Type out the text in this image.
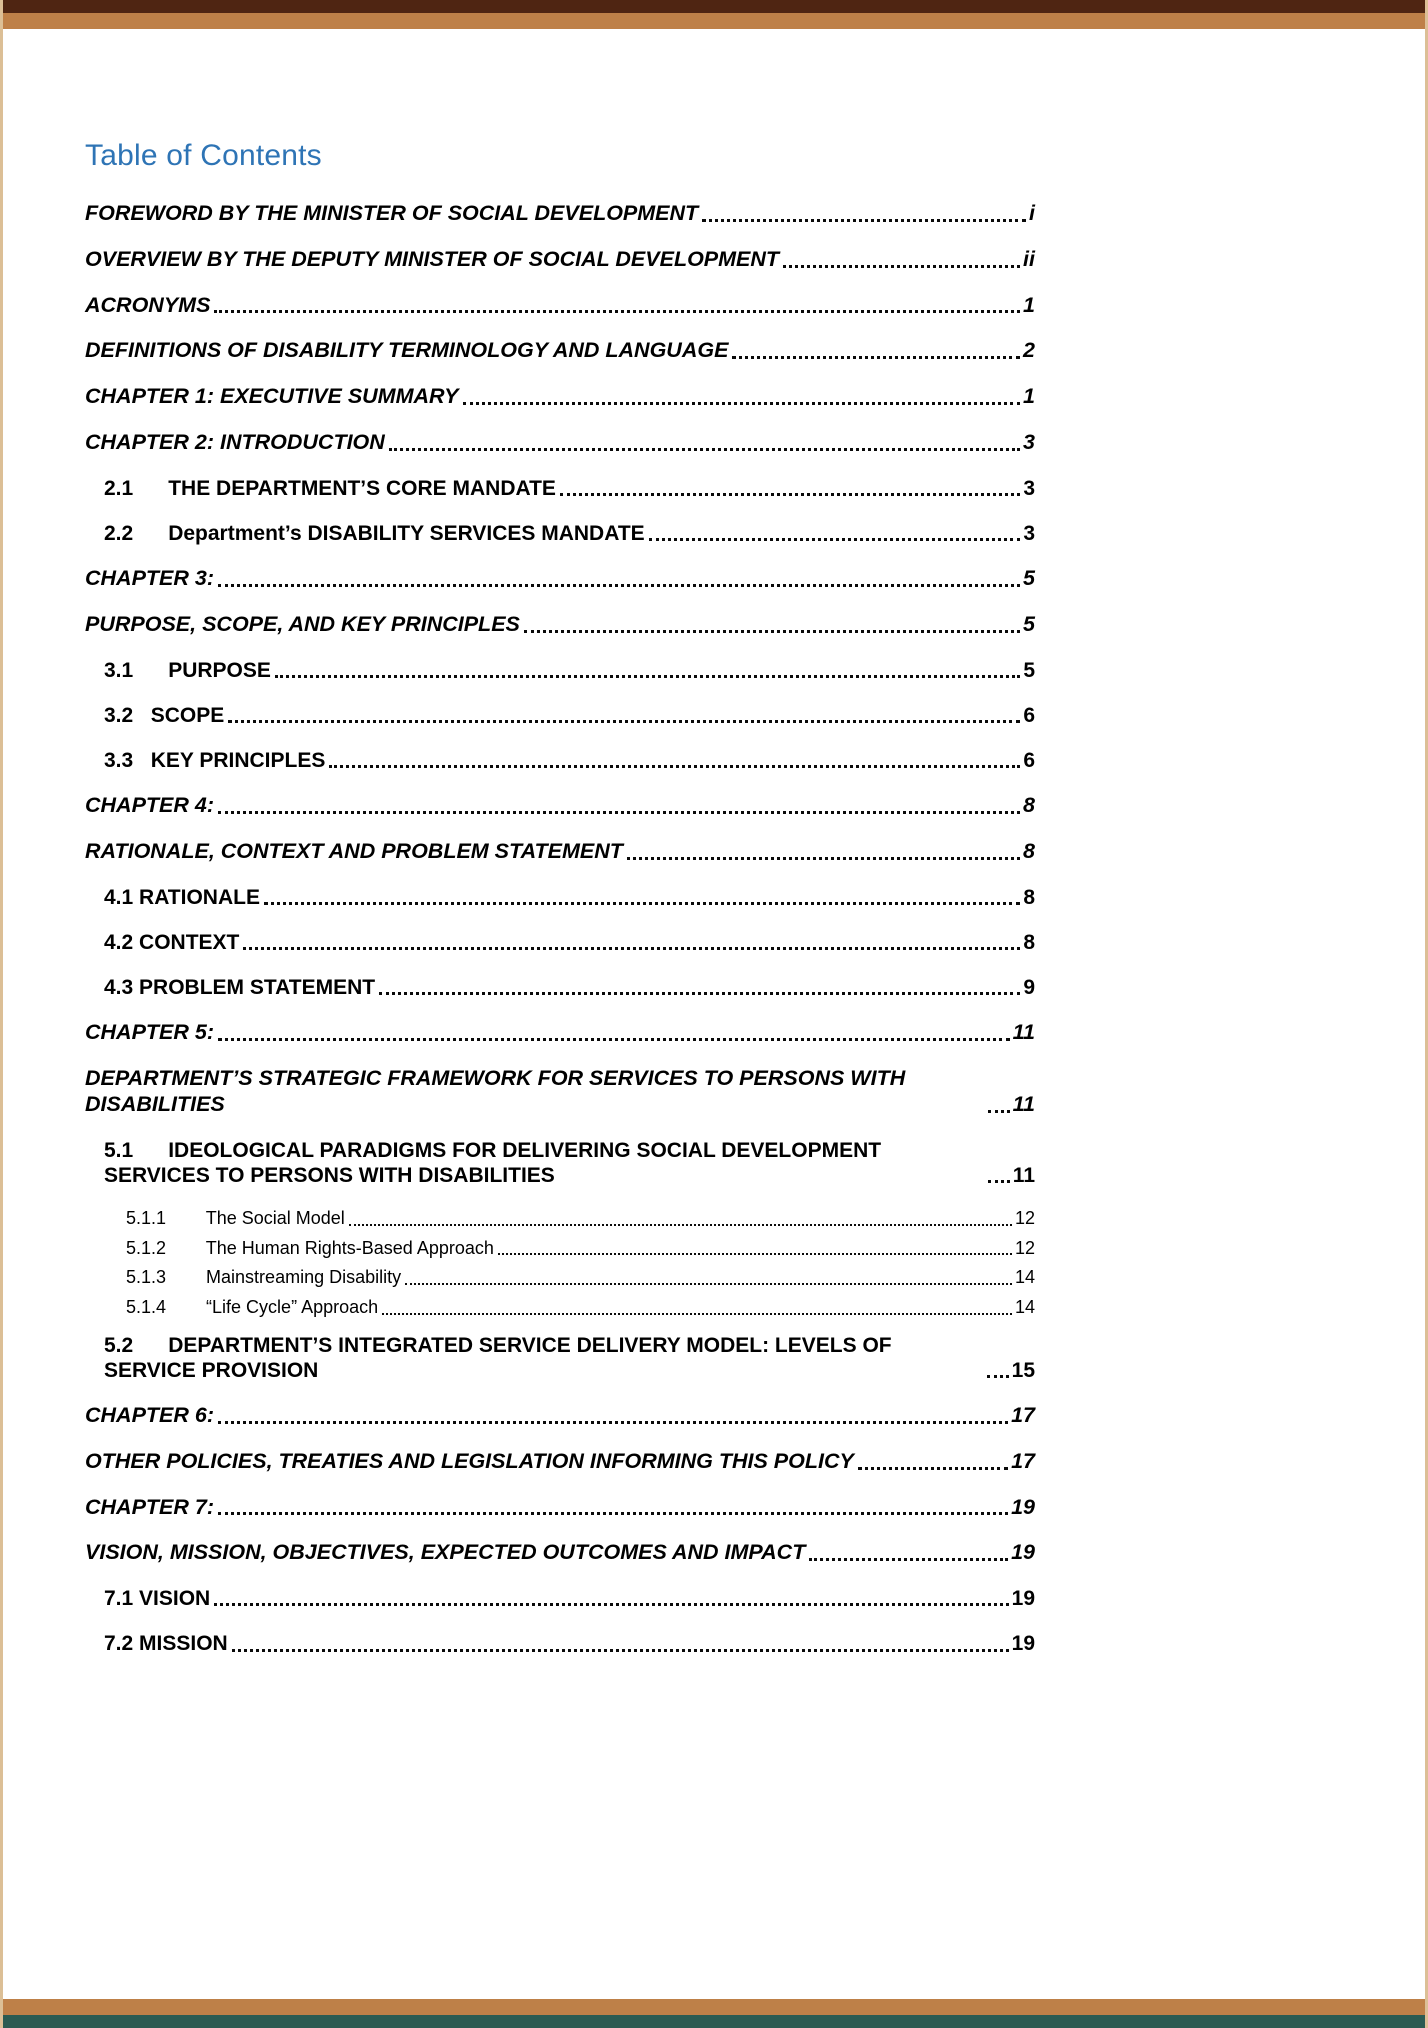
Table of Contents
FOREWORD BY THE MINISTER OF SOCIAL DEVELOPMENT	i
OVERVIEW BY THE DEPUTY MINISTER OF SOCIAL DEVELOPMENT	ii
ACRONYMS	1
DEFINITIONS OF DISABILITY TERMINOLOGY AND LANGUAGE	2
CHAPTER 1: EXECUTIVE SUMMARY	1
CHAPTER 2: INTRODUCTION	3
2.1      THE DEPARTMENT’S CORE MANDATE	3
2.2      Department’s DISABILITY SERVICES MANDATE	3
CHAPTER 3:	5
PURPOSE, SCOPE, AND KEY PRINCIPLES	5
3.1      PURPOSE	5
3.2   SCOPE	6
3.3   KEY PRINCIPLES	6
CHAPTER 4:	8
RATIONALE, CONTEXT AND PROBLEM STATEMENT	8
4.1 RATIONALE	8
4.2 CONTEXT	8
4.3 PROBLEM STATEMENT	9
CHAPTER 5:	11
DEPARTMENT’S STRATEGIC FRAMEWORK FOR SERVICES TO PERSONS WITH DISABILITIES	11
5.1      IDEOLOGICAL PARADIGMS FOR DELIVERING SOCIAL DEVELOPMENT SERVICES TO PERSONS WITH DISABILITIES	11
5.1.1        The Social Model	12
5.1.2        The Human Rights-Based Approach	12
5.1.3        Mainstreaming Disability	14
5.1.4        “Life Cycle” Approach	14
5.2      DEPARTMENT’S INTEGRATED SERVICE DELIVERY MODEL: LEVELS OF SERVICE PROVISION	15
CHAPTER 6:	17
OTHER POLICIES, TREATIES AND LEGISLATION INFORMING THIS POLICY	17
CHAPTER 7:	19
VISION, MISSION, OBJECTIVES, EXPECTED OUTCOMES AND IMPACT	19
7.1 VISION	19
7.2 MISSION	19
